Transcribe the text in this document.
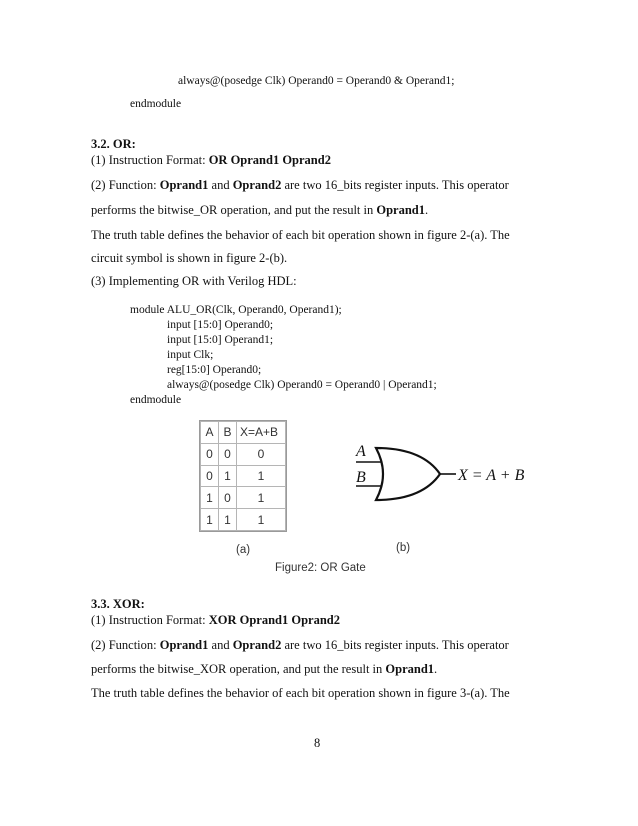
always@(posedge Clk) Operand0 = Operand0 & Operand1;
endmodule
3.2. OR:
(1) Instruction Format: OR Oprand1 Oprand2
(2) Function: Oprand1 and Oprand2 are two 16_bits register inputs. This operator
performs the bitwise_OR operation, and put the result in Oprand1.
The truth table defines the behavior of each bit operation shown in figure 2-(a). The
circuit symbol is shown in figure 2-(b).
(3) Implementing OR with Verilog HDL:
module ALU_OR(Clk, Operand0, Operand1);
input [15:0] Operand0;
input [15:0] Operand1;
input Clk;
reg[15:0] Operand0;
always@(posedge Clk) Operand0 = Operand0 | Operand1;
endmodule
A	B	X=A+B
0	0	0
0	1	1
1	0	1
1	1	1
A
B	X = A + B
(a)	(b)
Figure2: OR Gate
3.3. XOR:
(1) Instruction Format: XOR Oprand1 Oprand2
(2) Function: Oprand1 and Oprand2 are two 16_bits register inputs. This operator
performs the bitwise_XOR operation, and put the result in Oprand1.
The truth table defines the behavior of each bit operation shown in figure 3-(a). The
8
